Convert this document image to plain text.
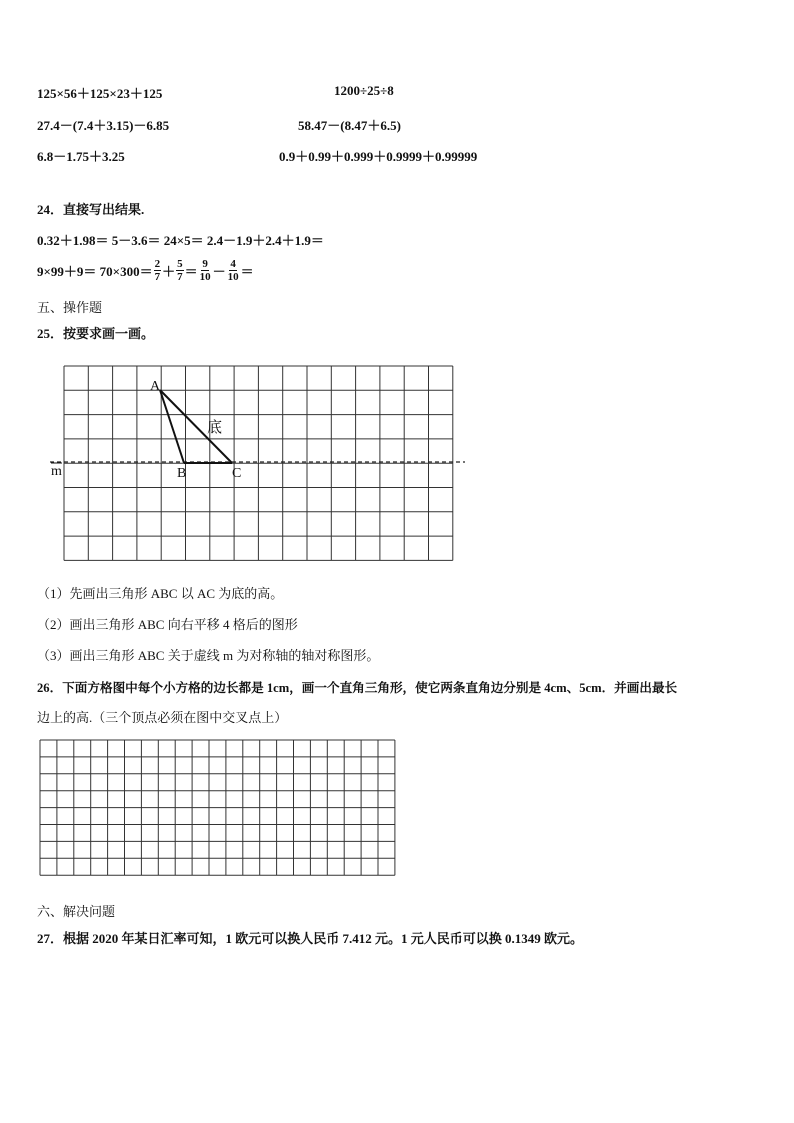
125×56＋125×23＋125	1200÷25÷8
27.4－(7.4＋3.15)－6.85	58.47－(8.47＋6.5)
6.8－1.75＋3.25	0.9＋0.99＋0.999＋0.9999＋0.99999
24．直接写出结果.
0.32＋1.98＝ 5－3.6＝ 24×5＝ 2.4－1.9＋2.4＋1.9＝
$9\times 99+9= 70\times 300= \frac{2}{7} + \frac{5}{7} = \frac{9}{10} - \frac{4}{10}$ ＝
五、操作题
25．按要求画一画。
A
B	C
底
m
（1）先画出三角形 ABC 以 AC 为底的高。
（2）画出三角形 ABC 向右平移 4 格后的图形
（3）画出三角形 ABC 关于虚线 m 为对称轴的轴对称图形。
26．下面方格图中每个小方格的边长都是 1cm，画一个直角三角形，使它两条直角边分别是 4cm、5cm．并画出最长
边上的高.（三个顶点必须在图中交叉点上）
六、解决问题
27．根据 2020 年某日汇率可知，1 欧元可以换人民币 7.412 元。1 元人民币可以换 0.1349 欧元。
